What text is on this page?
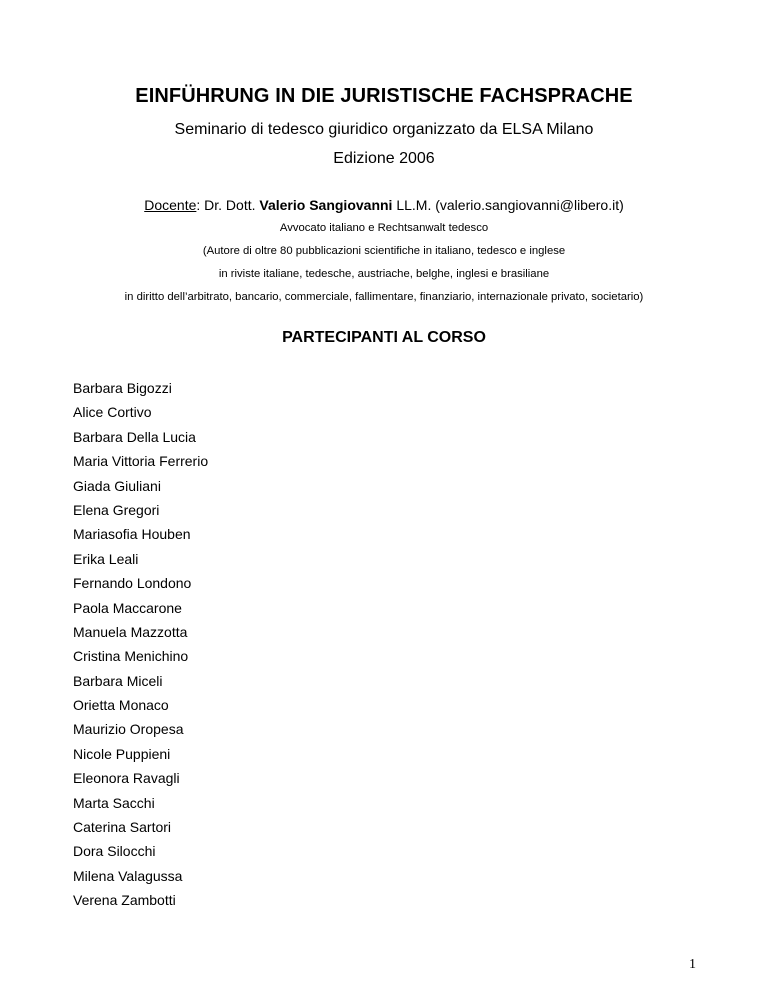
EINFÜHRUNG IN DIE JURISTISCHE FACHSPRACHE
Seminario di tedesco giuridico organizzato da ELSA Milano
Edizione 2006
Docente: Dr. Dott. Valerio Sangiovanni LL.M. (valerio.sangiovanni@libero.it)
Avvocato italiano e Rechtsanwalt tedesco
(Autore di oltre 80 pubblicazioni scientifiche in italiano, tedesco e inglese
in riviste italiane, tedesche, austriache, belghe, inglesi e brasiliane
in diritto dell’arbitrato, bancario, commerciale, fallimentare, finanziario, internazionale privato, societario)
PARTECIPANTI AL CORSO
Barbara Bigozzi
Alice Cortivo
Barbara Della Lucia
Maria Vittoria Ferrerio
Giada Giuliani
Elena Gregori
Mariasofia Houben
Erika Leali
Fernando Londono
Paola Maccarone
Manuela Mazzotta
Cristina Menichino
Barbara Miceli
Orietta Monaco
Maurizio Oropesa
Nicole Puppieni
Eleonora Ravagli
Marta Sacchi
Caterina Sartori
Dora Silocchi
Milena Valagussa
Verena Zambotti
1
